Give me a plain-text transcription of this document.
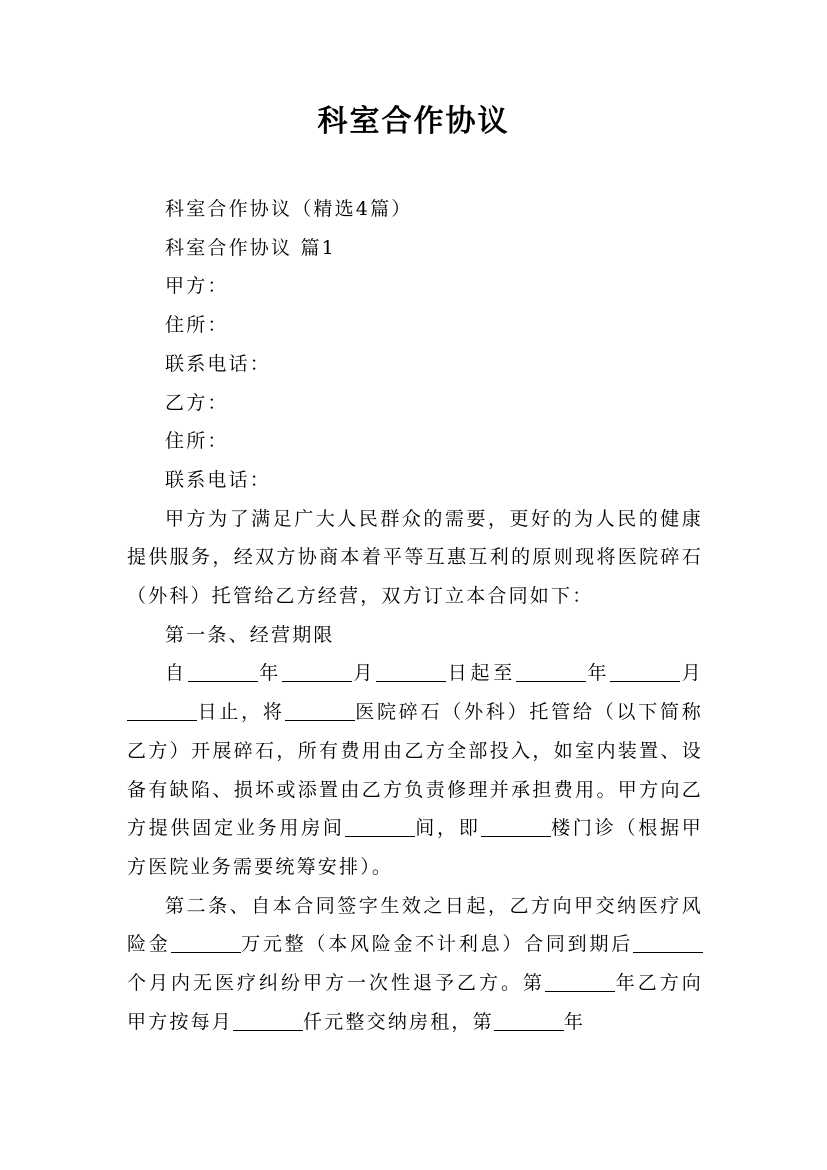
科室合作协议

科室合作协议（精选4篇）

科室合作协议 篇1

甲方：

住所：

联系电话：

乙方：

住所：

联系电话：

甲方为了满足广大人民群众的需要，更好的为人民的健康提供服务，经双方协商本着平等互惠互利的原则现将医院碎石（外科）托管给乙方经营，双方订立本合同如下：

第一条、经营期限

自	年	月	日起至	年	月日止，将	医院碎石（外科）托管给（以下简称乙方）开展碎石，所有费用由乙方全部投入，如室内装置、设备有缺陷、损坏或添置由乙方负责修理并承担费用。甲方向乙方提供固定业务用房间	间，即	楼门诊（根据甲方医院业务需要统筹安排）。

第二条、自本合同签字生效之日起，乙方向甲交纳医疗风险金	万元整（本风险金不计利息）合同到期后个月内无医疗纠纷甲方一次性退予乙方。第	年乙方向甲方按每月	仟元整交纳房租，第	年
